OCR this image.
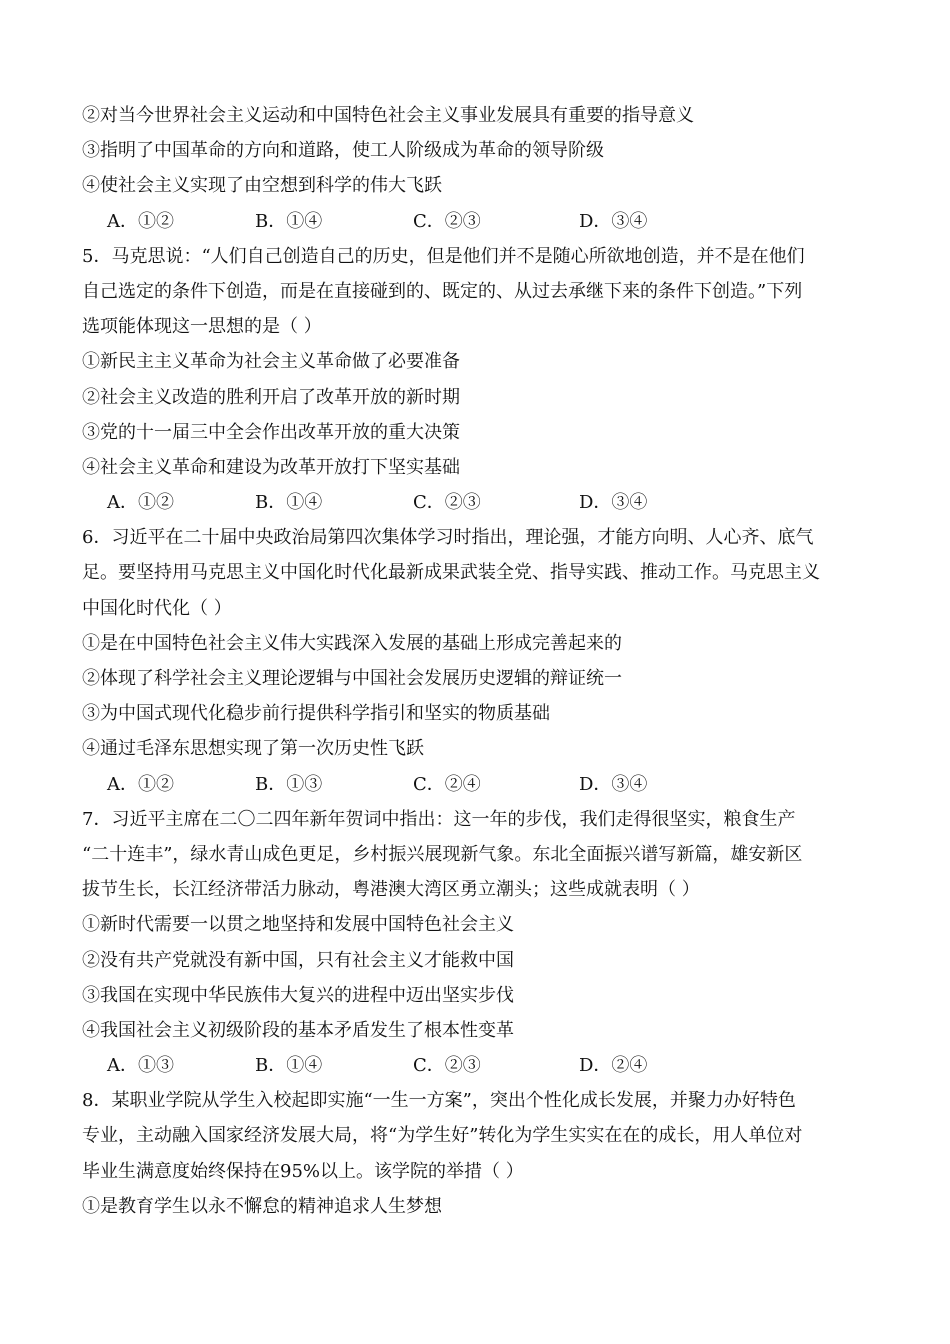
②对当今世界社会主义运动和中国特色社会主义事业发展具有重要的指导意义
③指明了中国革命的方向和道路，使工人阶级成为革命的领导阶级
④使社会主义实现了由空想到科学的伟大飞跃
A．①②	B．①④	C．②③	D．③④
5．马克思说：“人们自己创造自己的历史，但是他们并不是随心所欲地创造，并不是在他们
自己选定的条件下创造，而是在直接碰到的、既定的、从过去承继下来的条件下创造。”下列
选项能体现这一思想的是（ ）
①新民主主义革命为社会主义革命做了必要准备
②社会主义改造的胜利开启了改革开放的新时期
③党的十一届三中全会作出改革开放的重大决策
④社会主义革命和建设为改革开放打下坚实基础
A．①②	B．①④	C．②③	D．③④
6．习近平在二十届中央政治局第四次集体学习时指出，理论强，才能方向明、人心齐、底气
足。要坚持用马克思主义中国化时代化最新成果武装全党、指导实践、推动工作。马克思主义
中国化时代化（ ）
①是在中国特色社会主义伟大实践深入发展的基础上形成完善起来的
②体现了科学社会主义理论逻辑与中国社会发展历史逻辑的辩证统一
③为中国式现代化稳步前行提供科学指引和坚实的物质基础
④通过毛泽东思想实现了第一次历史性飞跃
A．①②	B．①③	C．②④	D．③④
7．习近平主席在二〇二四年新年贺词中指出：这一年的步伐，我们走得很坚实，粮食生产
“二十连丰”，绿水青山成色更足，乡村振兴展现新气象。东北全面振兴谱写新篇，雄安新区
拔节生长，长江经济带活力脉动，粤港澳大湾区勇立潮头；这些成就表明（ ）
①新时代需要一以贯之地坚持和发展中国特色社会主义
②没有共产党就没有新中国，只有社会主义才能救中国
③我国在实现中华民族伟大复兴的进程中迈出坚实步伐
④我国社会主义初级阶段的基本矛盾发生了根本性变革
A．①③	B．①④	C．②③	D．②④
8．某职业学院从学生入校起即实施“一生一方案”，突出个性化成长发展，并聚力办好特色
专业，主动融入国家经济发展大局，将“为学生好”转化为学生实实在在的成长，用人单位对
毕业生满意度始终保持在95%以上。该学院的举措（ ）
①是教育学生以永不懈怠的精神追求人生梦想
